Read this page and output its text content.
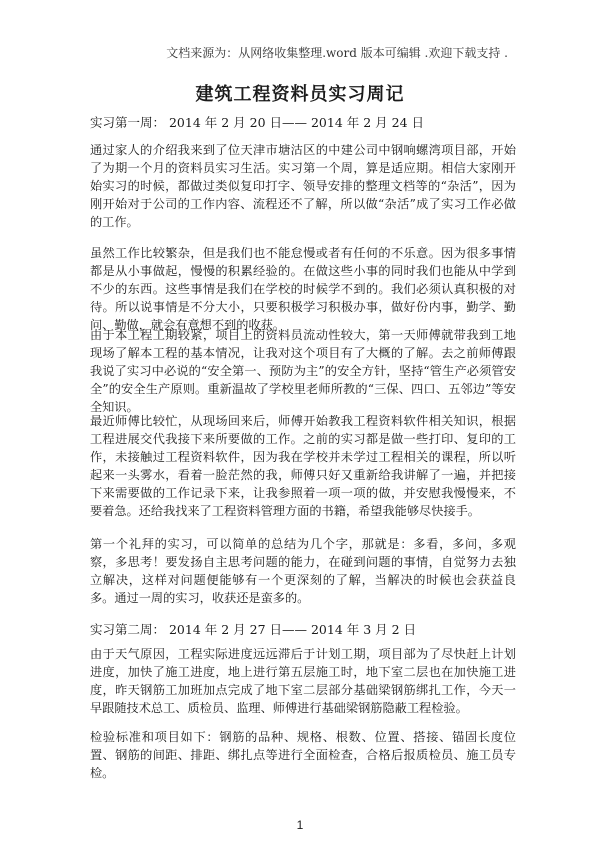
文档来源为：从网络收集整理.word 版本可编辑 .欢迎下载支持 .
建筑工程资料员实习周记
实习第一周： 2014 年 2 月 20 日—— 2014 年 2 月 24 日

通过家人的介绍我来到了位天津市塘沽区的中建公司中钢响螺湾项目部，开始了为期一个月的资料员实习生活。实习第一个周，算是适应期。相信大家刚开始实习的时候，都做过类似复印打字、领导安排的整理文档等的“杂活”，因为 刚开始对于公司的工作内容、流程还不了解，所以做“杂活”成了实习工作必做的工作。

虽然工作比较繁杂，但是我们也不能怠慢或者有任何的不乐意。因为很多事情都是从小事做起，慢慢的积累经验的。在做这些小事的同时我们也能从中学到不少的东西。这些事情是我们在学校的时候学不到的。我们必须认真积极的对待。所以说事情是不分大小，只要积极学习积极办事，做好份内事，勤学、勤问、勤做，就会有意想不到的收获。

由于本工程工期较紧，项目上的资料员流动性较大，第一天师傅就带我到工地现场了解本工程的基本情况，让我对这个项目有了大概的了解。去之前师傅跟我说了实习中必说的“安全第一、预防为主”的安全方针，坚持“管生产必须管安全”的安全生产原则。重新温故了学校里老师所教的“三保、四口、五邻边”等安全知识。

最近师傅比较忙，从现场回来后，师傅开始教我工程资料软件相关知识，根据工程进展交代我接下来所要做的工作。之前的实习都是做一些打印、复印的工作，未接触过工程资料软件，因为我在学校并未学过工程相关的课程，所以听起来一头雾水，看着一脸茫然的我，师傅只好又重新给我讲解了一遍，并把接下来需要做的工作记录下来，让我参照着一项一项的做，并安慰我慢慢来，不要着急。还给我找来了工程资料管理方面的书籍，希望我能够尽快接手。

第一个礼拜的实习，可以简单的总结为几个字，那就是：多看，多问，多观察，多思考！要发扬自主思考问题的能力，在碰到问题的事情，自觉努力去独立解决，这样对问题便能够有一个更深刻的了解，当解决的时候也会获益良多。通过一周的实习，收获还是蛮多的。

实习第二周： 2014 年 2 月 27 日—— 2014 年 3 月 2 日

由于天气原因，工程实际进度远远滞后于计划工期，项目部为了尽快赶上计划进度，加快了施工进度，地上进行第五层施工时，地下室二层也在加快施工进度，昨天钢筋工加班加点完成了地下室二层部分基础梁钢筋绑扎工作，今天一早跟随技术总工、质检员、监理、师傅进行基础梁钢筋隐蔽工程检验。

检验标准和项目如下：钢筋的品种、规格、根数、位置、搭接、锚固长度位置、钢筋的间距、排距、绑扎点等进行全面检查，合格后报质检员、施工员专检。

1
